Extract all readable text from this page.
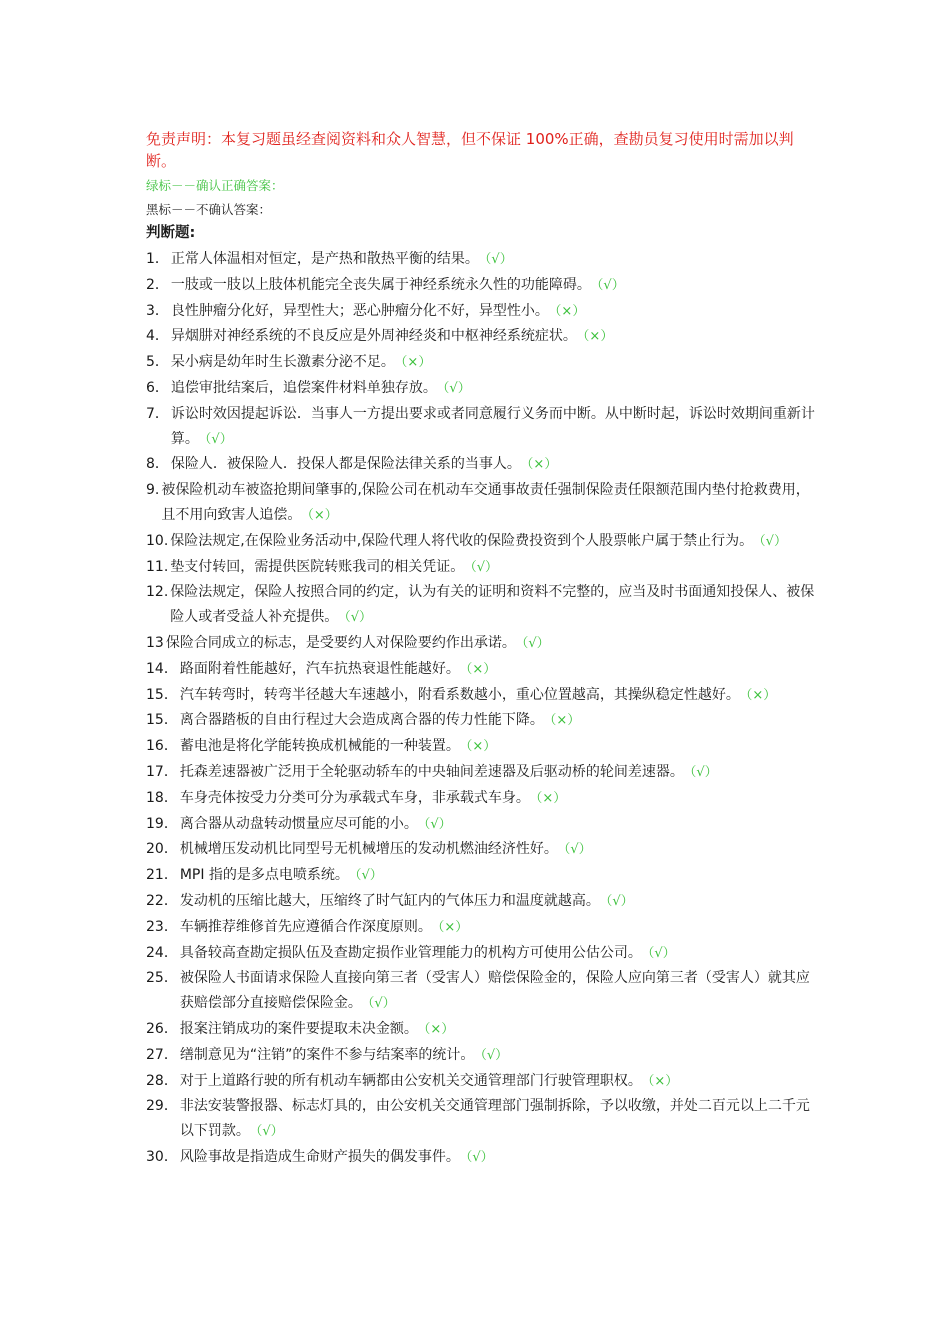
免责声明：本复习题虽经查阅资料和众人智慧，但不保证 100%正确，查勘员复习使用时需加以判断。
绿标－－确认正确答案：
黑标－－不确认答案：
判断题:
1． 正常人体温相对恒定，是产热和散热平衡的结果。 （√）
2． 一肢或一肢以上肢体机能完全丧失属于神经系统永久性的功能障碍。 （√）
3． 良性肿瘤分化好，异型性大；恶心肿瘤分化不好，异型性小。 （×）
4． 异烟肼对神经系统的不良反应是外周神经炎和中枢神经系统症状。 （×）
5． 呆小病是幼年时生长激素分泌不足。 （×）
6． 追偿审批结案后，追偿案件材料单独存放。 （√）
7． 诉讼时效因提起诉讼．当事人一方提出要求或者同意履行义务而中断。从中断时起，诉讼时效期间重新计算。 （√）
8． 保险人．被保险人．投保人都是保险法律关系的当事人。 （×）
9. 被保险机动车被盗抢期间肇事的,保险公司在机动车交通事故责任强制保险责任限额范围内垫付抢救费用，且不用向致害人追偿。 （×）
10. 保险法规定,在保险业务活动中,保险代理人将代收的保险费投资到个人股票帐户属于禁止行为。 （√）
11. 垫支付转回，需提供医院转账我司的相关凭证。 （√）
12. 保险法规定，保险人按照合同的约定，认为有关的证明和资料不完整的，应当及时书面通知投保人、被保险人或者受益人补充提供。 （√）
13 保险合同成立的标志，是受要约人对保险要约作出承诺。 （√）
14． 路面附着性能越好，汽车抗热衰退性能越好。 （×）
15． 汽车转弯时，转弯半径越大车速越小，附看系数越小，重心位置越高，其操纵稳定性越好。 （×）
15． 离合器踏板的自由行程过大会造成离合器的传力性能下降。 （×）
16． 蓄电池是将化学能转换成机械能的一种装置。 （×）
17． 托森差速器被广泛用于全轮驱动轿车的中央轴间差速器及后驱动桥的轮间差速器。 （√）
18． 车身壳体按受力分类可分为承载式车身，非承载式车身。 （×）
19． 离合器从动盘转动惯量应尽可能的小。 （√）
20． 机械增压发动机比同型号无机械增压的发动机燃油经济性好。 （√）
21． MPI 指的是多点电喷系统。 （√）
22． 发动机的压缩比越大，压缩终了时气缸内的气体压力和温度就越高。 （√）
23． 车辆推荐维修首先应遵循合作深度原则。 （×）
24． 具备较高查勘定损队伍及查勘定损作业管理能力的机构方可使用公估公司。 （√）
25． 被保险人书面请求保险人直接向第三者（受害人）赔偿保险金的，保险人应向第三者（受害人）就其应获赔偿部分直接赔偿保险金。 （√）
26． 报案注销成功的案件要提取未决金额。 （×）
27． 缮制意见为“注销”的案件不参与结案率的统计。 （√）
28． 对于上道路行驶的所有机动车辆都由公安机关交通管理部门行驶管理职权。 （×）
29． 非法安装警报器、标志灯具的，由公安机关交通管理部门强制拆除，予以收缴，并处二百元以上二千元以下罚款。 （√）
30． 风险事故是指造成生命财产损失的偶发事件。 （√）
